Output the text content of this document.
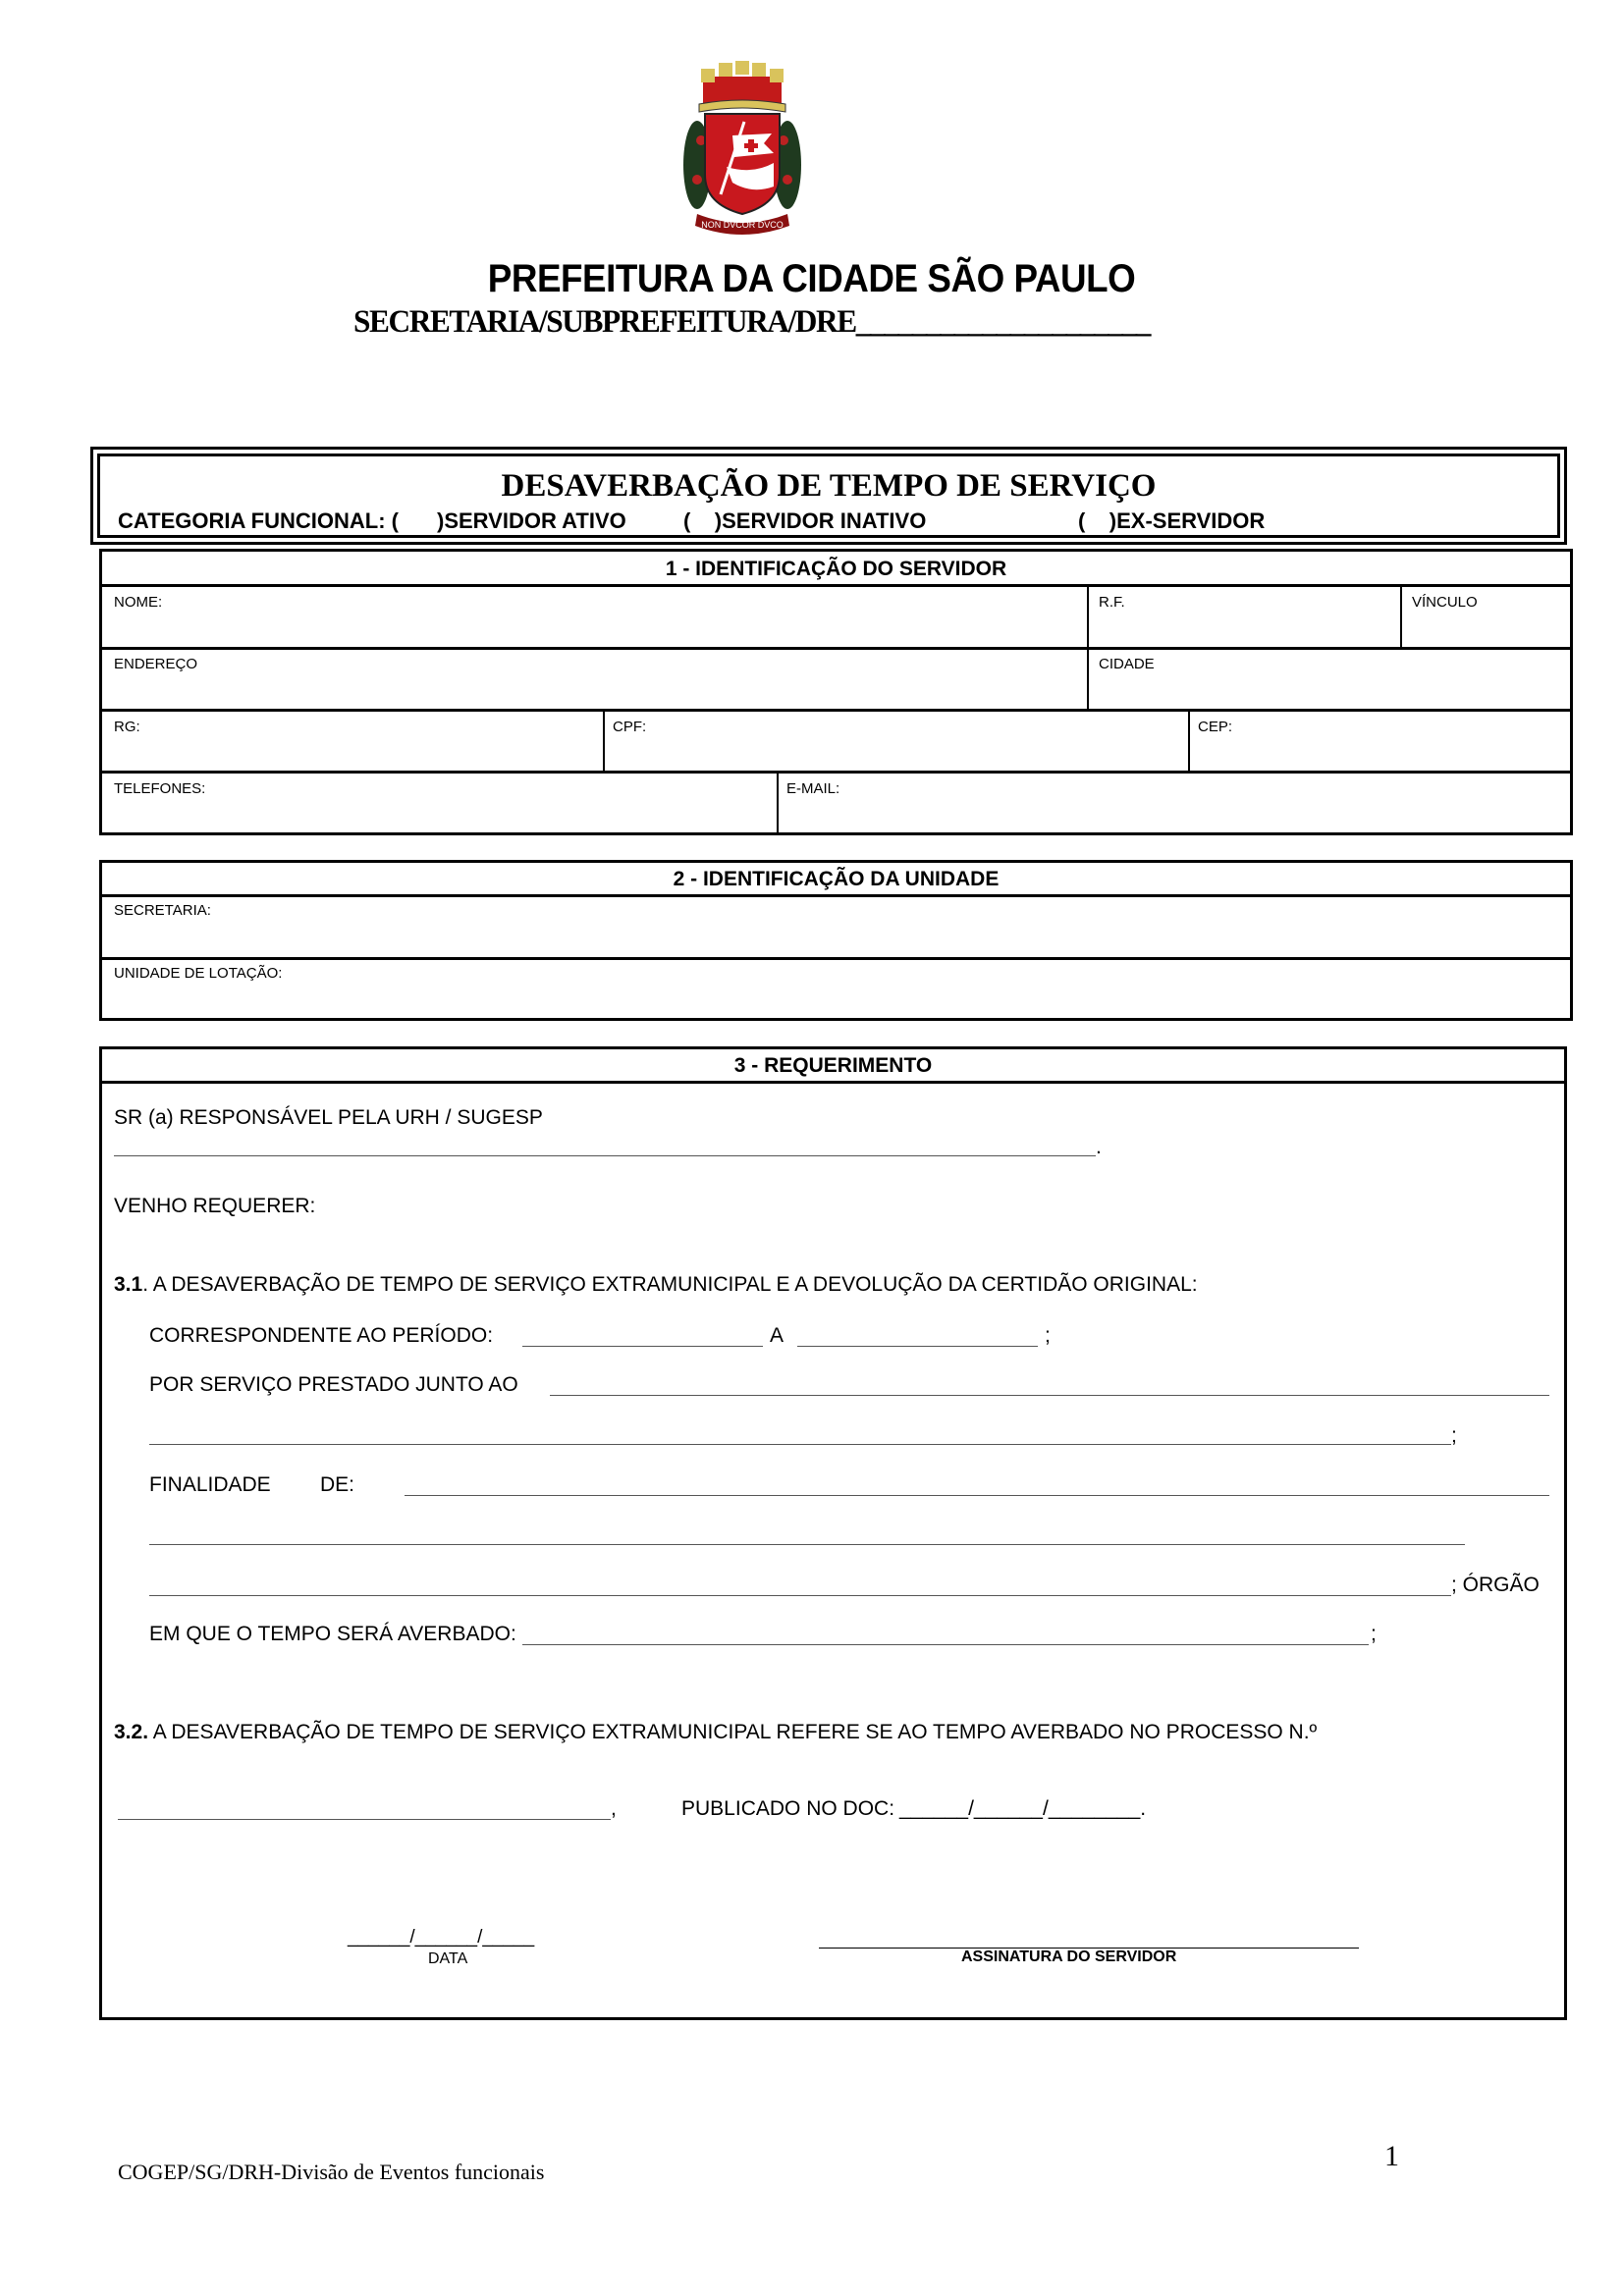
NON DVCOR DVCO
PREFEITURA DA CIDADE SÃO PAULO
SECRETARIA/SUBPREFEITURA/DRE_____________________
DESAVERBAÇÃO DE TEMPO DE SERVIÇO

CATEGORIA FUNCIONAL: (

)SERVIDOR ATIVO

	(    )SERVIDOR INATIVO

	(    )EX-SERVIDOR

1 - IDENTIFICAÇÃO DO SERVIDOR
NOME:	R.F.	VÍNCULO
ENDEREÇO	CIDADE
RG:	CPF:	CEP:
TELEFONES:	E-MAIL:
2 - IDENTIFICAÇÃO DA UNIDADE
SECRETARIA:
UNIDADE DE LOTAÇÃO:
3 - REQUERIMENTO
SR (a) RESPONSÁVEL PELA URH / SUGESP
.
VENHO REQUERER:
3.1. A DESAVERBAÇÃO DE TEMPO DE SERVIÇO EXTRAMUNICIPAL E A DEVOLUÇÃO DA CERTIDÃO ORIGINAL:
CORRESPONDENTE AO PERÍODO:	A	;
POR SERVIÇO PRESTADO JUNTO AO
;
FINALIDADE DE:
; ÓRGÃO
EM QUE O TEMPO SERÁ AVERBADO:	;
3.2. A DESAVERBAÇÃO DE TEMPO DE SERVIÇO EXTRAMUNICIPAL REFERE SE AO TEMPO AVERBADO NO PROCESSO N.º
,	PUBLICADO NO DOC: ______/______/________.
______/______/_____
DATA	ASSINATURA DO SERVIDOR
COGEP/SG/DRH-Divisão de Eventos funcionais	1
